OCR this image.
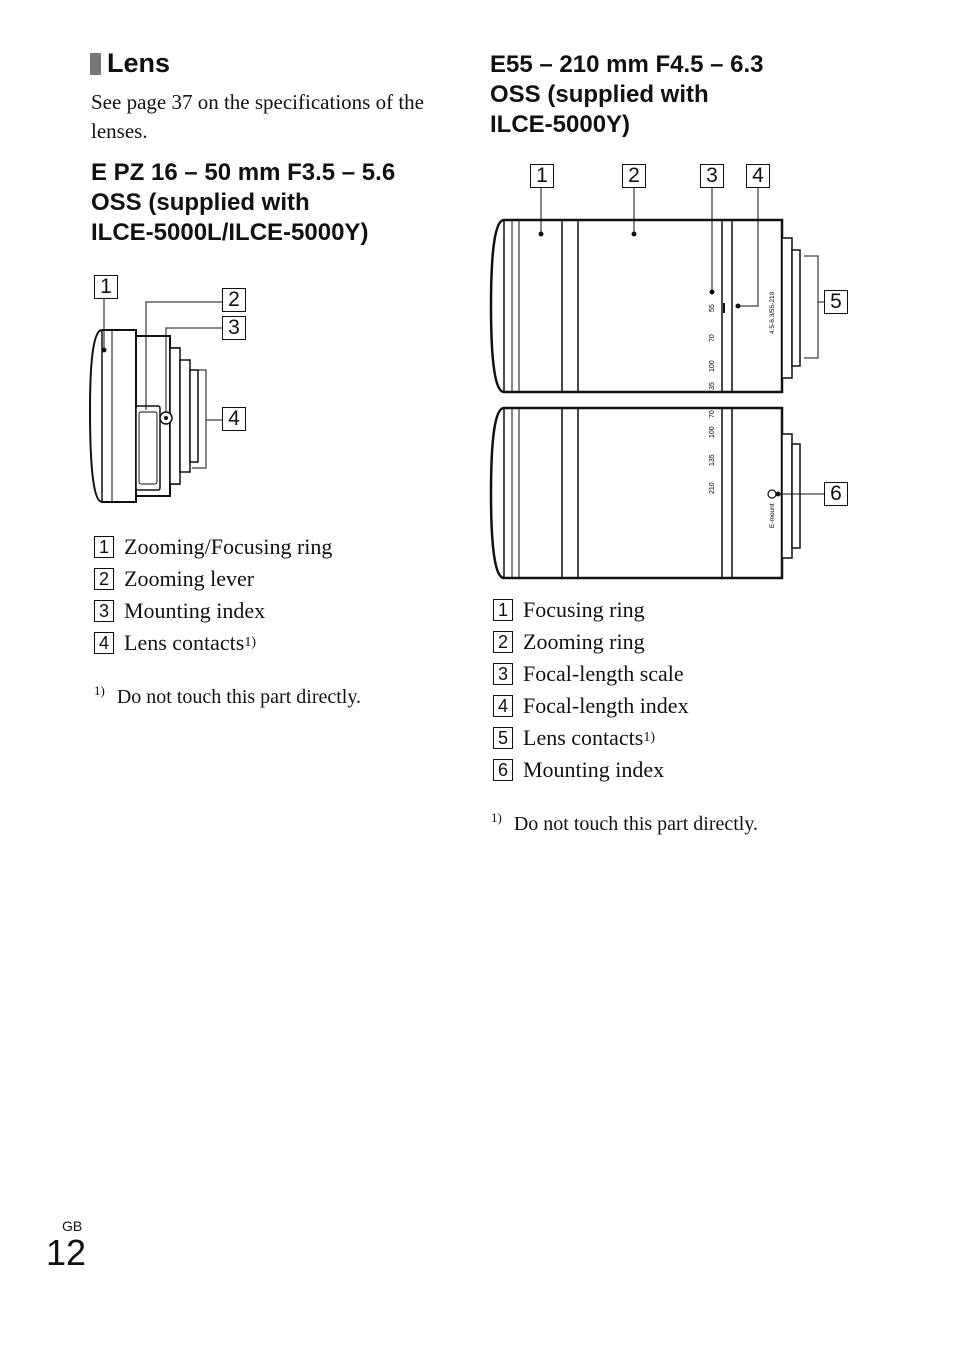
Lens
See page 37 on the specifications of the lenses.
E PZ 16 – 50 mm F3.5 – 5.6
OSS (supplied with
ILCE-5000L/ILCE-5000Y)
1
2
3
4
1 Zooming/Focusing ring
2 Zooming lever
3 Mounting index
4 Lens contacts 1)
$^{1)}$ Do not touch this part directly.
E55 – 210 mm F4.5 – 6.3
OSS (supplied with
ILCE-5000Y)
55
70
100
35
4.5-6.3/55-210
70
100
135
210
E-mount
1	2	3 4
5
6
1 Focusing ring
2 Zooming ring
3 Focal-length scale
4 Focal-length index
5 Lens contacts 1)
6 Mounting index
$^{1)}$ Do not touch this part directly.
GB
12
